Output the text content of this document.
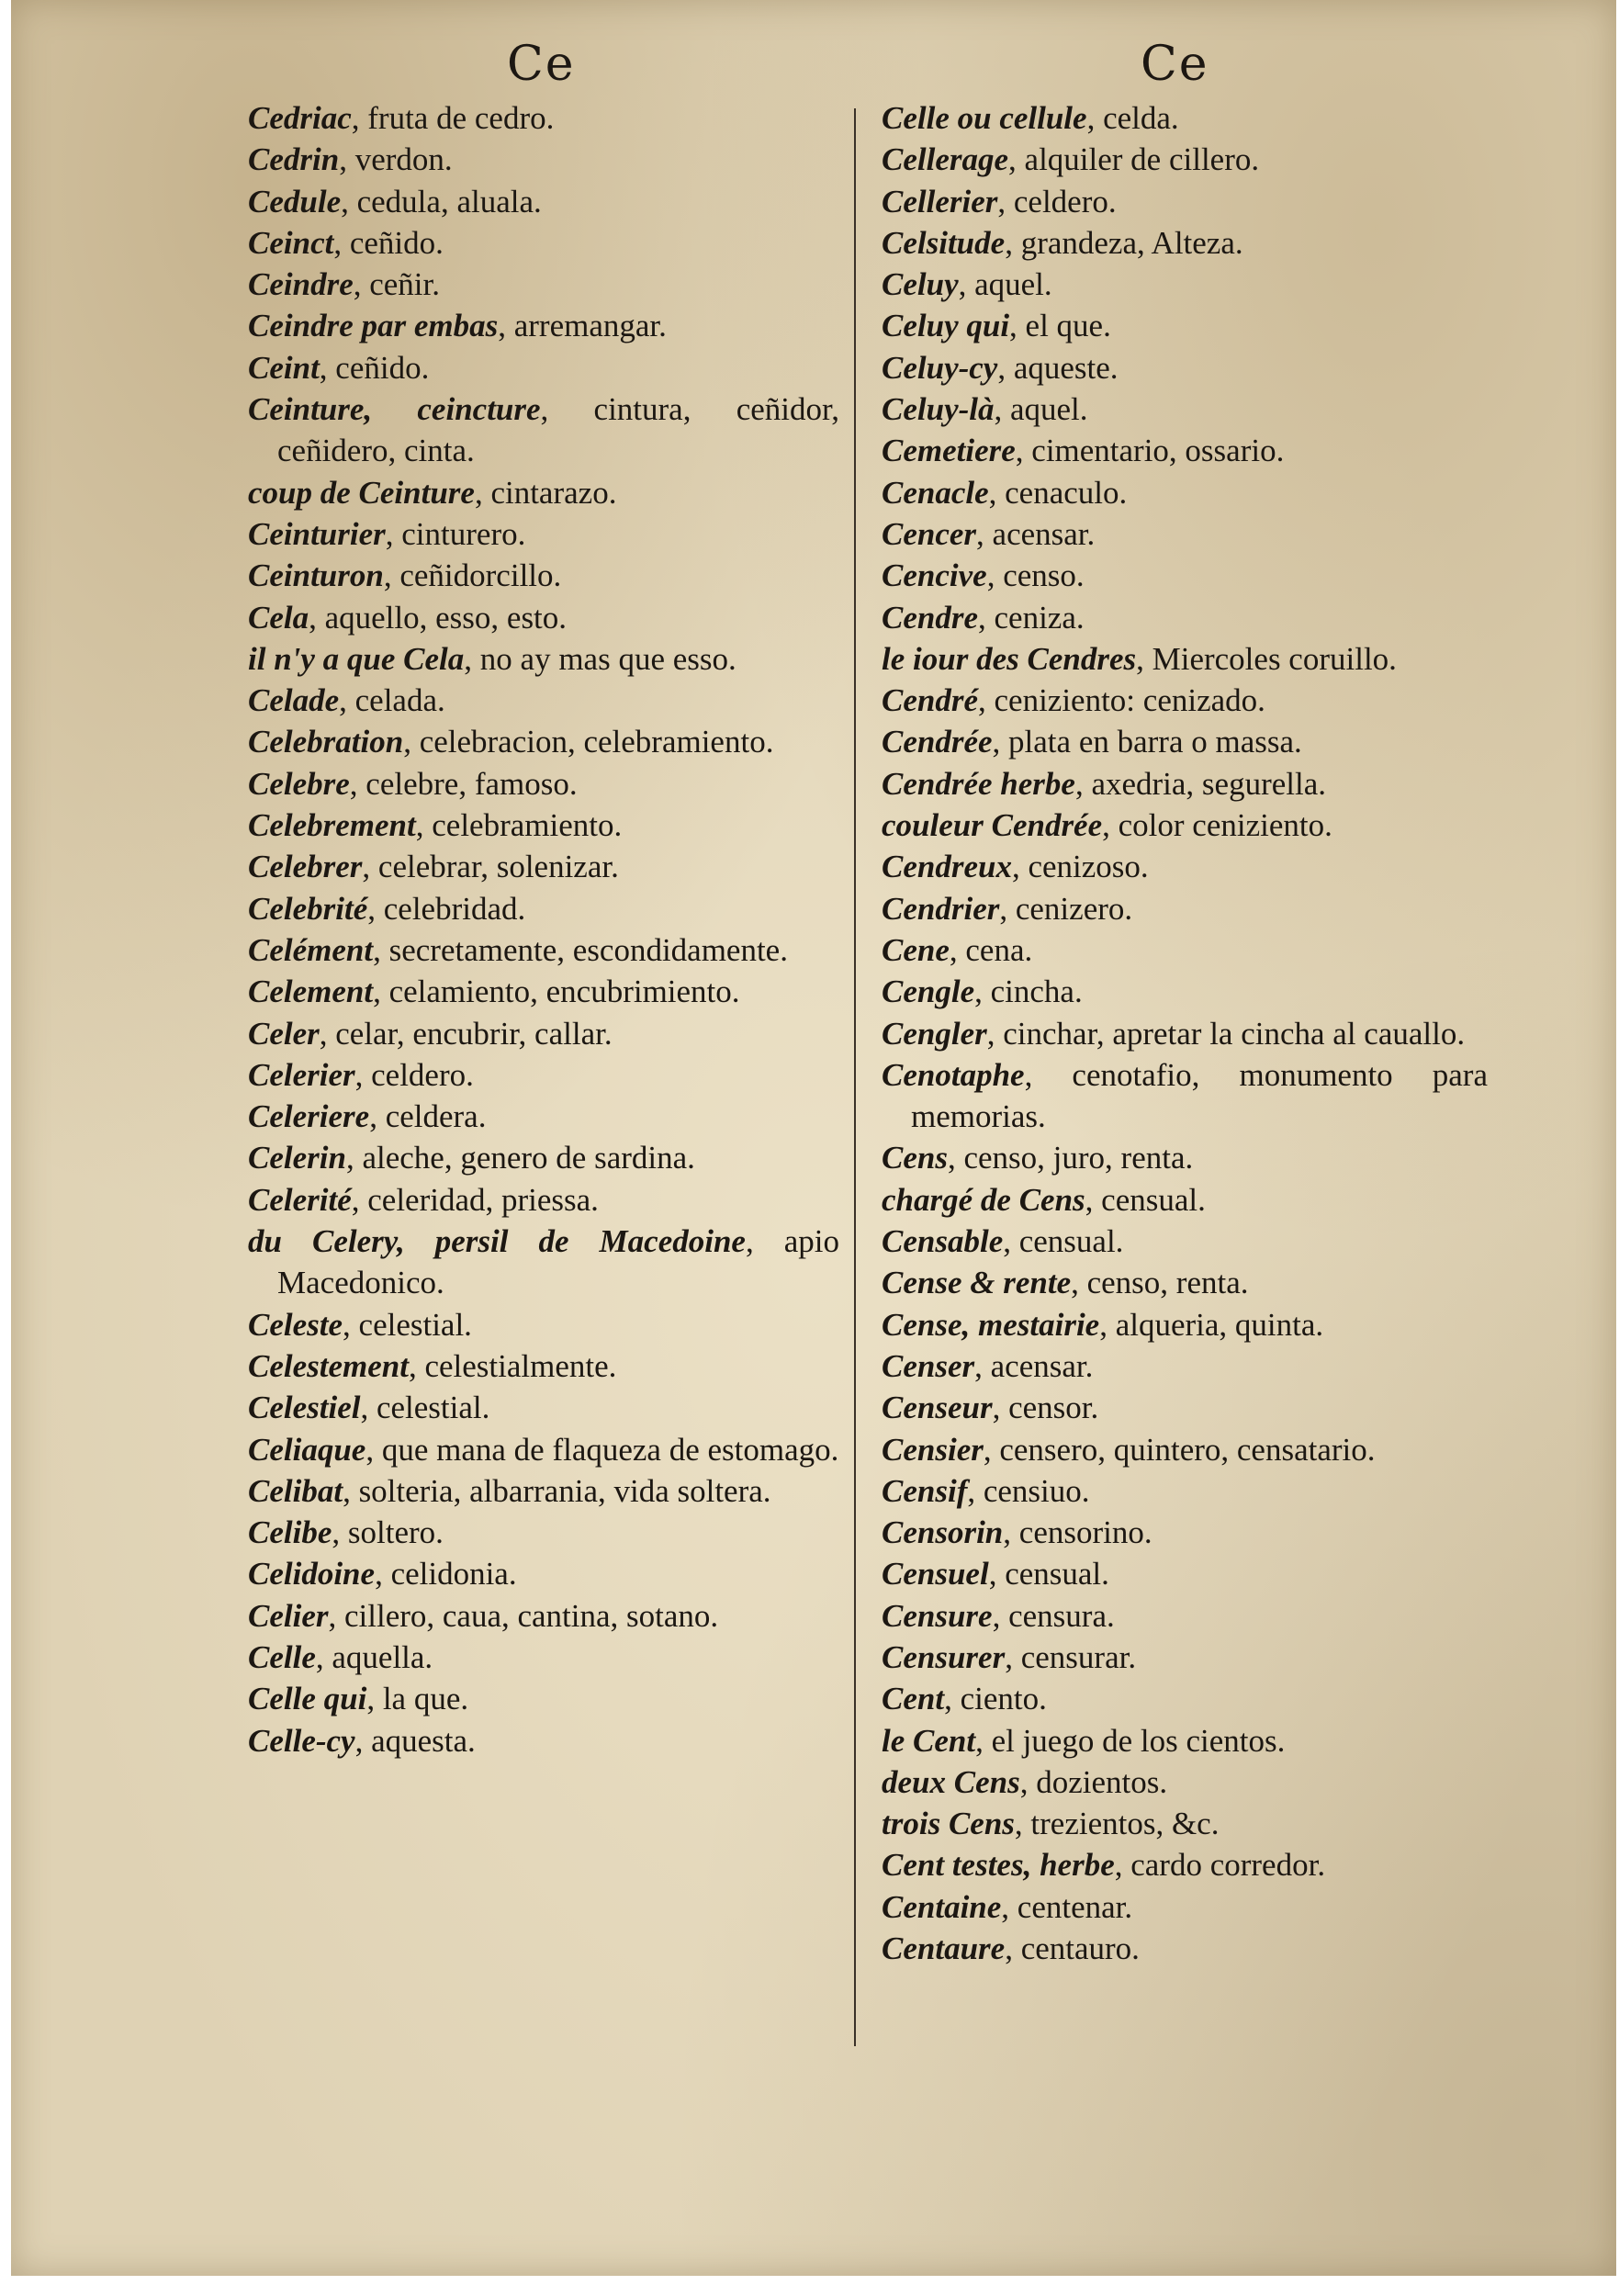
Ce	Ce

Cedriac, fruta de cedro.

Cedrin, verdon.

Cedule, cedula, aluala.

Ceinct, ceñido.

Ceindre, ceñir.

Ceindre par embas, arremangar.

Ceint, ceñido.

Ceinture, ceincture, cintura, ceñidor, ceñidero, cinta.

coup de Ceinture, cintarazo.

Ceinturier, cinturero.

Ceinturon, ceñidorcillo.

Cela, aquello, esso, esto.

il n'y a que Cela, no ay mas que esso.

Celade, celada.

Celebration, celebracion, celebramiento.

Celebre, celebre, famoso.

Celebrement, celebramiento.

Celebrer, celebrar, solenizar.

Celebrité, celebridad.

Celément, secretamente, escondidamente.

Celement, celamiento, encubrimiento.

Celer, celar, encubrir, callar.

Celerier, celdero.

Celeriere, celdera.

Celerin, aleche, genero de sardina.

Celerité, celeridad, priessa.

du Celery, persil de Macedoine, apio Macedonico.

Celeste, celestial.

Celestement, celestialmente.

Celestiel, celestial.

Celiaque, que mana de flaqueza de estomago.

Celibat, solteria, albarrania, vida soltera.

Celibe, soltero.

Celidoine, celidonia.

Celier, cillero, caua, cantina, sotano.

Celle, aquella.

Celle qui, la que.

Celle-cy, aquesta.

Celle ou cellule, celda.

Cellerage, alquiler de cillero.

Cellerier, celdero.

Celsitude, grandeza, Alteza.

Celuy, aquel.

Celuy qui, el que.

Celuy-cy, aqueste.

Celuy-là, aquel.

Cemetiere, cimentario, ossario.

Cenacle, cenaculo.

Cencer, acensar.

Cencive, censo.

Cendre, ceniza.

le iour des Cendres, Miercoles coruillo.

Cendré, ceniziento: cenizado.

Cendrée, plata en barra o massa.

Cendrée herbe, axedria, segurella.

couleur Cendrée, color ceniziento.

Cendreux, cenizoso.

Cendrier, cenizero.

Cene, cena.

Cengle, cincha.

Cengler, cinchar, apretar la cincha al cauallo.

Cenotaphe, cenotafio, monumento para memorias.

Cens, censo, juro, renta.

chargé de Cens, censual.

Censable, censual.

Cense & rente, censo, renta.

Cense, mestairie, alqueria, quinta.

Censer, acensar.

Censeur, censor.

Censier, censero, quintero, censatario.

Censif, censiuo.

Censorin, censorino.

Censuel, censual.

Censure, censura.

Censurer, censurar.

Cent, ciento.

le Cent, el juego de los cientos.

deux Cens, dozientos.

trois Cens, trezientos, &c.

Cent testes, herbe, cardo corredor.

Centaine, centenar.

Centaure, centauro.
